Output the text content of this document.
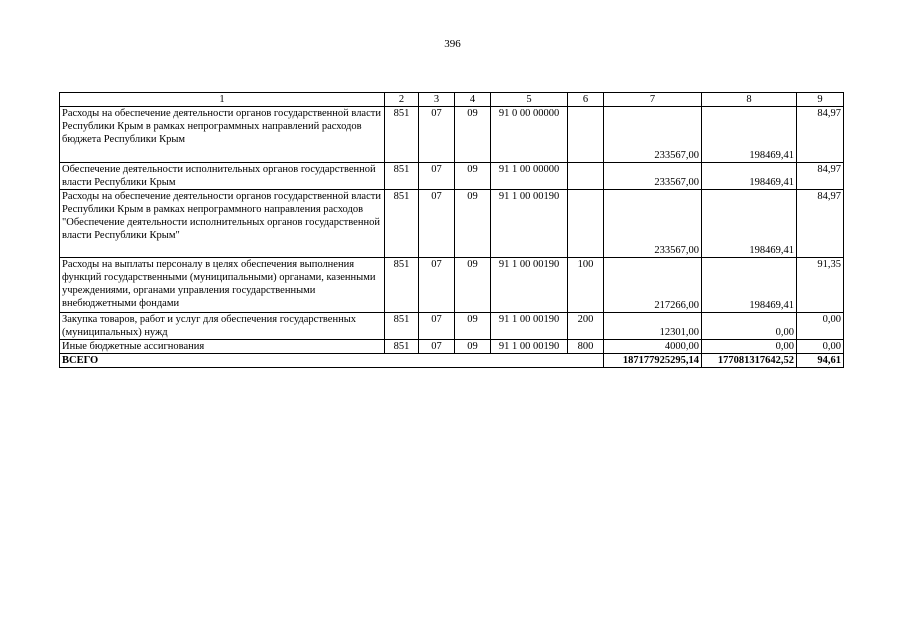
396
1	2	3	4	5	6	7	8	9
Расходы на обеспечение деятельности органов государственной власти Республики Крым в рамках непрограммных направлений расходов бюджета Республики Крым	851	07	09	91 0 00 00000		233567,00	198469,41	84,97
Обеспечение деятельности исполнительных органов государственной власти Республики Крым	851	07	09	91 1 00 00000		233567,00	198469,41	84,97
Расходы на обеспечение деятельности органов государственной власти Республики Крым в рамках непрограммного направления расходов "Обеспечение деятельности исполнительных органов государственной власти Республики Крым"	851	07	09	91 1 00 00190		233567,00	198469,41	84,97
Расходы на выплаты персоналу в целях обеспечения выполнения функций государственными (муниципальными) органами, казенными учреждениями, органами управления государственными внебюджетными фондами	851	07	09	91 1 00 00190	100	217266,00	198469,41	91,35
Закупка товаров, работ и услуг для обеспечения государственных (муниципальных) нужд	851	07	09	91 1 00 00190	200	12301,00	0,00	0,00
Иные бюджетные ассигнования	851	07	09	91 1 00 00190	800	4000,00	0,00	0,00
ВСЕГО						187177925295,14	177081317642,52	94,61
